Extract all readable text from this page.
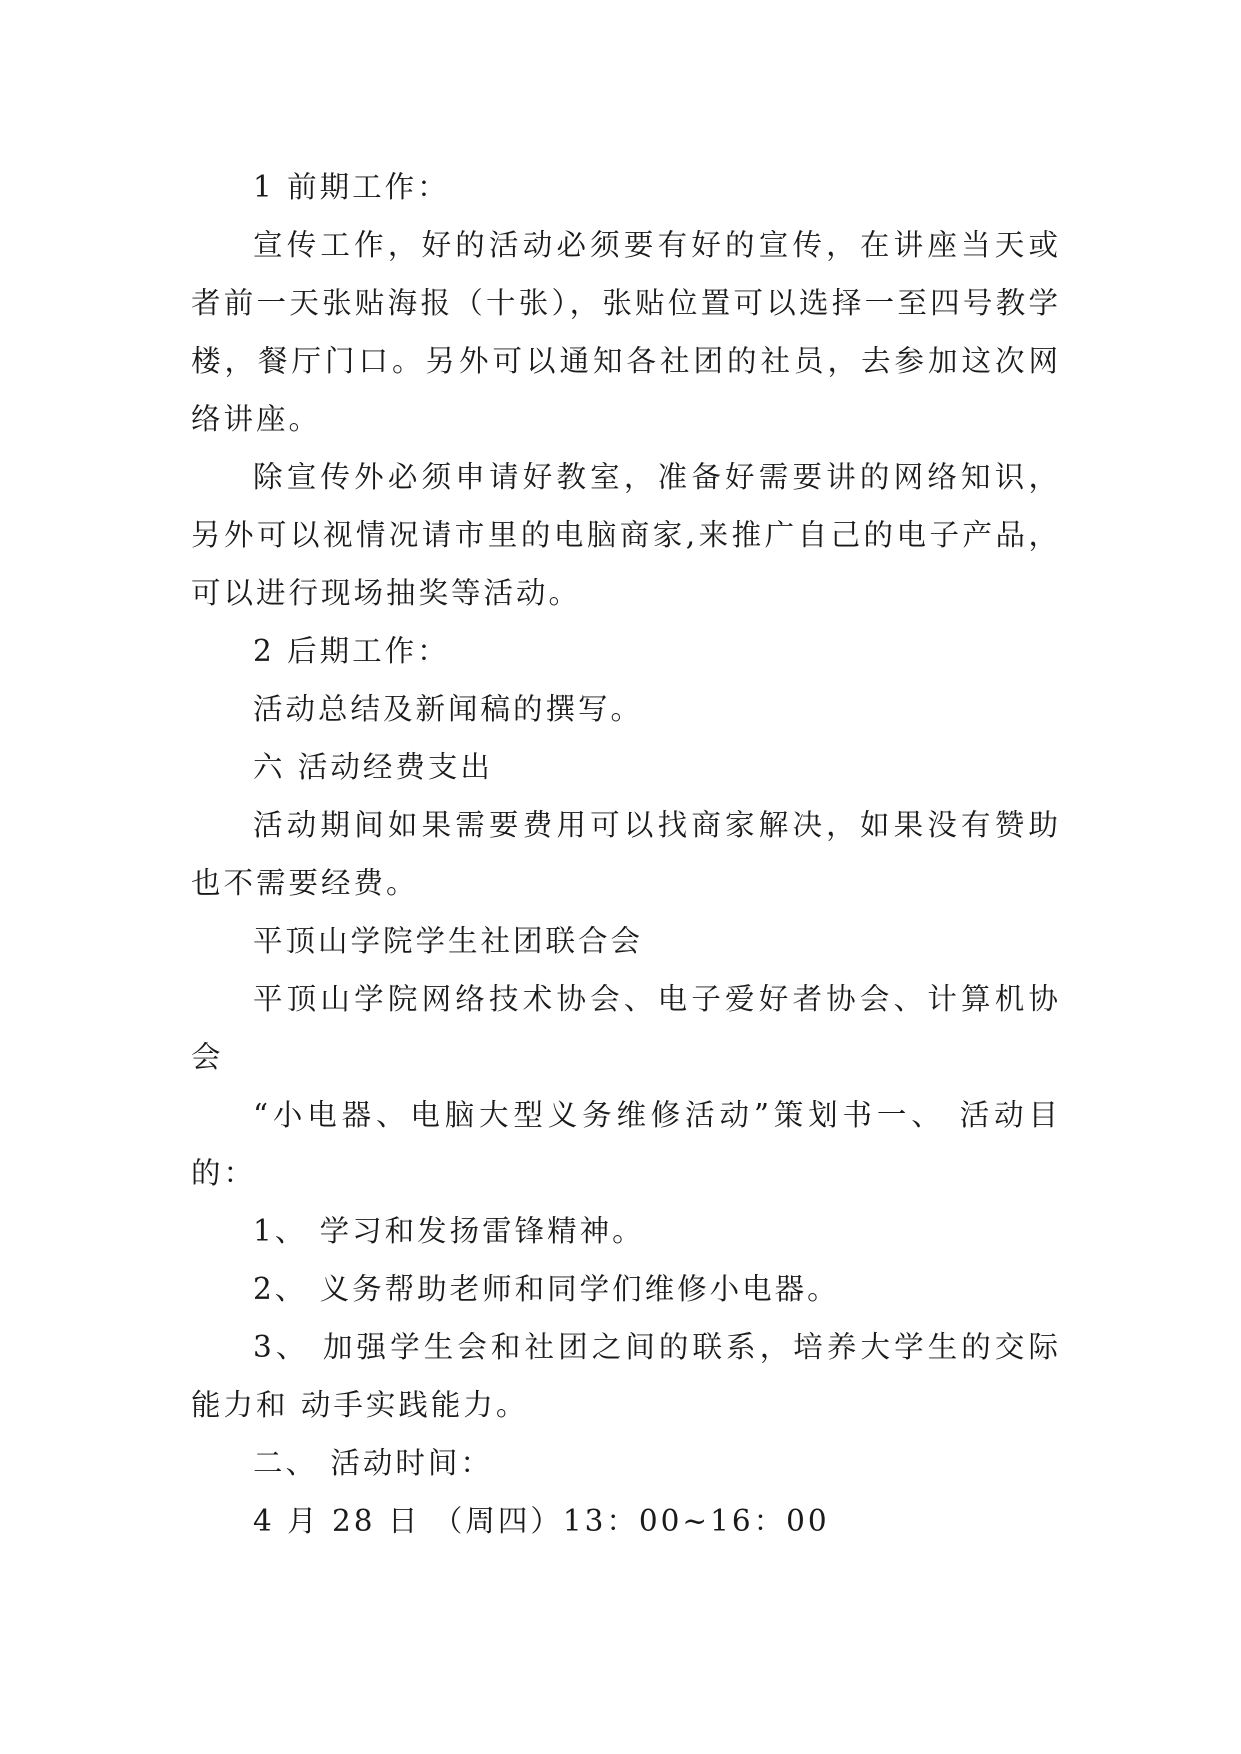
1 前期工作：

宣传工作，好的活动必须要有好的宣传，在讲座当天或者前一天张贴海报（十张），张贴位置可以选择一至四号教学楼，餐厅门口。另外可以通知各社团的社员，去参加这次网络讲座。

除宣传外必须申请好教室，准备好需要讲的网络知识，另外可以视情况请市里的电脑商家,来推广自己的电子产品，可以进行现场抽奖等活动。

2 后期工作：

活动总结及新闻稿的撰写。

六 活动经费支出

活动期间如果需要费用可以找商家解决，如果没有赞助也不需要经费。

平顶山学院学生社团联合会

平顶山学院网络技术协会、电子爱好者协会、计算机协会

“小电器、电脑大型义务维修活动”策划书一、 活动目的：

1、 学习和发扬雷锋精神。

2、 义务帮助老师和同学们维修小电器。

3、 加强学生会和社团之间的联系，培养大学生的交际能力和 动手实践能力。

二、 活动时间：

4 月 28 日 （周四）13：00~16：00
